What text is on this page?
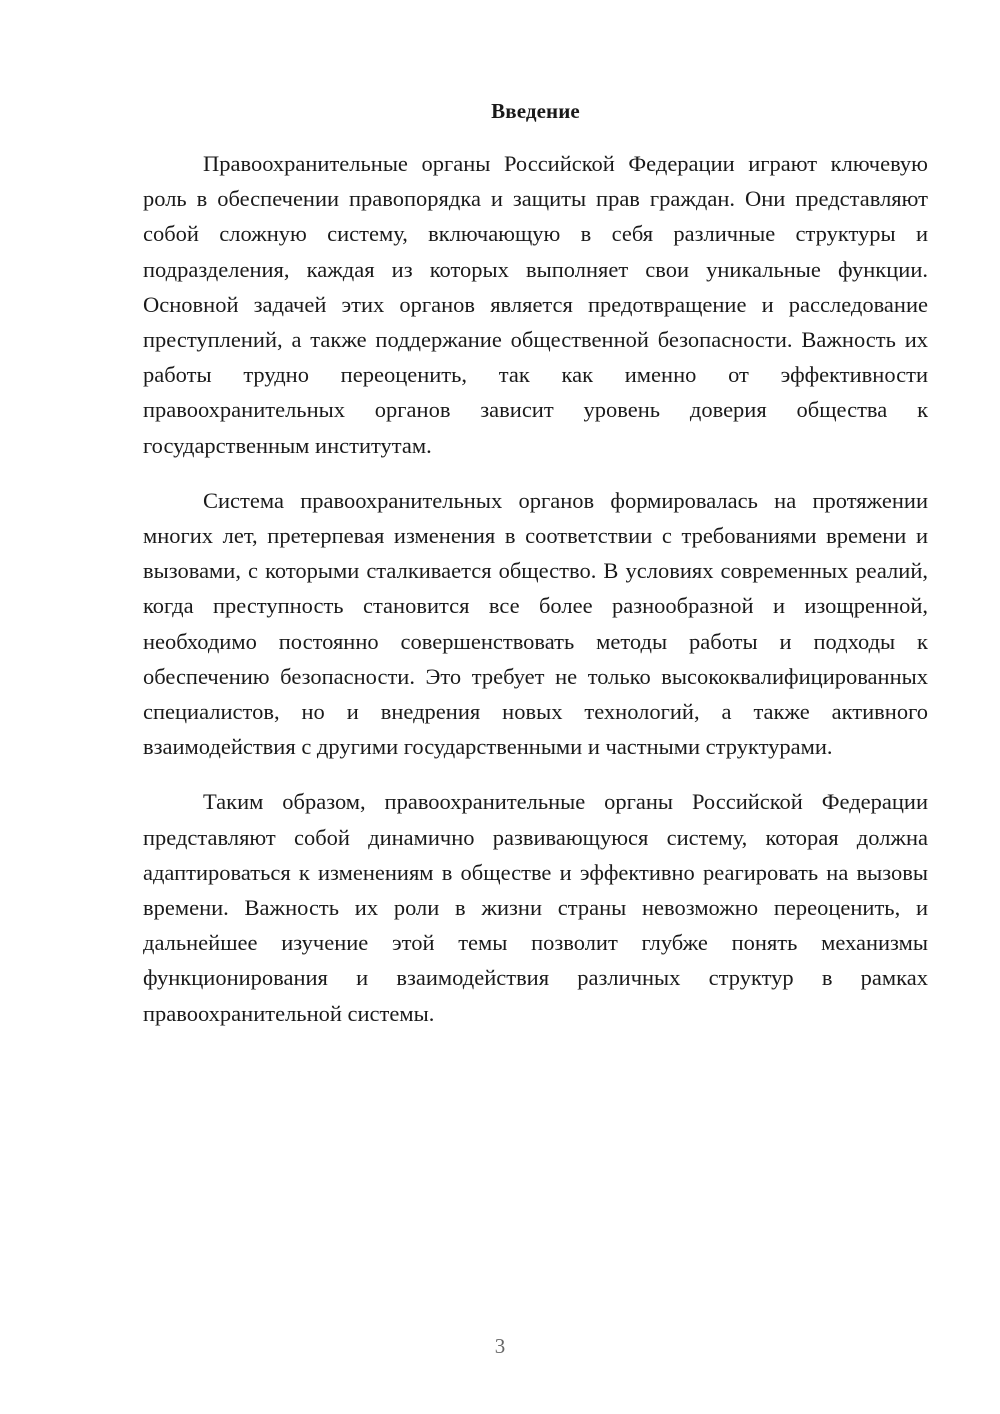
Введение

Правоохранительные органы Российской Федерации играют ключевую роль в обеспечении правопорядка и защиты прав граждан. Они представляют собой сложную систему, включающую в себя различные структуры и подразделения, каждая из которых выполняет свои уникальные функции. Основной задачей этих органов является предотвращение и расследование преступлений, а также поддержание общественной безопасности. Важность их работы трудно переоценить, так как именно от эффективности правоохранительных органов зависит уровень доверия общества к государственным институтам.

Система правоохранительных органов формировалась на протяжении многих лет, претерпевая изменения в соответствии с требованиями времени и вызовами, с которыми сталкивается общество. В условиях современных реалий, когда преступность становится все более разнообразной и изощренной, необходимо постоянно совершенствовать методы работы и подходы к обеспечению безопасности. Это требует не только высококвалифицированных специалистов, но и внедрения новых технологий, а также активного взаимодействия с другими государственными и частными структурами.

Таким образом, правоохранительные органы Российской Федерации представляют собой динамично развивающуюся систему, которая должна адаптироваться к изменениям в обществе и эффективно реагировать на вызовы времени. Важность их роли в жизни страны невозможно переоценить, и дальнейшее изучение этой темы позволит глубже понять механизмы функционирования и взаимодействия различных структур в рамках правоохранительной системы.

3
